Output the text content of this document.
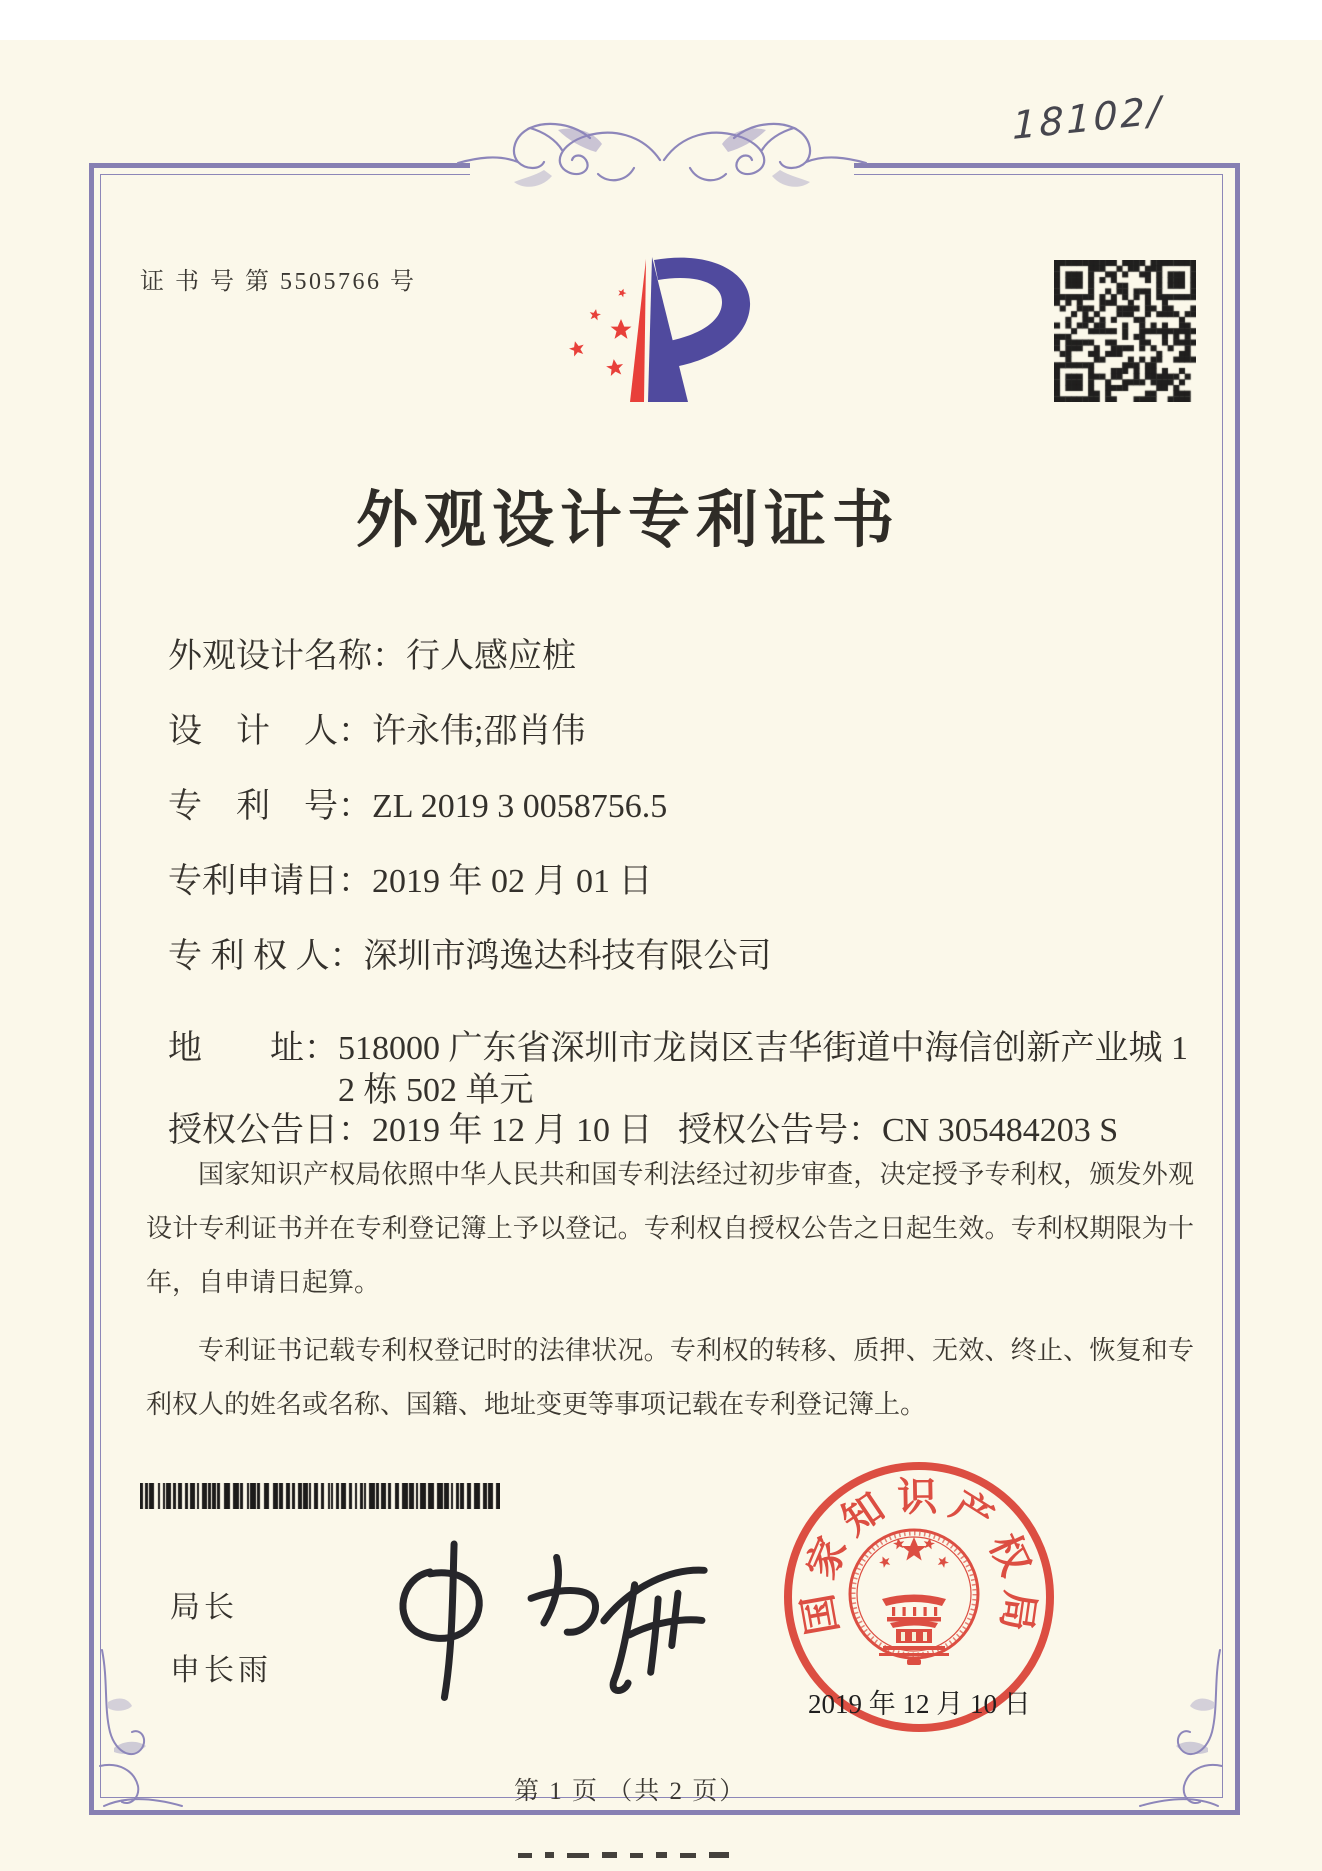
18102/
证 书 号 第 5505766 号
外观设计专利证书
外观设计名称：行人感应桩
设　计　人：许永伟;邵肖伟
专　利　号：ZL 2019 3 0058756.5
专利申请日：2019 年 02 月 01 日
专 利 权 人：深圳市鸿逸达科技有限公司
地　　址：518000 广东省深圳市龙岗区吉华街道中海信创新产业城 1
2 栋 502 单元
授权公告日：2019 年 12 月 10 日 授权公告号：CN 305484203 S

国家知识产权局依照中华人民共和国专利法经过初步审查，决定授予专利权，颁发外观设计专利证书并在专利登记簿上予以登记。专利权自授权公告之日起生效。专利权期限为十年，自申请日起算。

专利证书记载专利权登记时的法律状况。专利权的转移、质押、无效、终止、恢复和专利权人的姓名或名称、国籍、地址变更等事项记载在专利登记簿上。

局长
申长雨
国
家
知 识 产
权
局
2019 年 12 月 10 日
第 1 页 （共 2 页）
